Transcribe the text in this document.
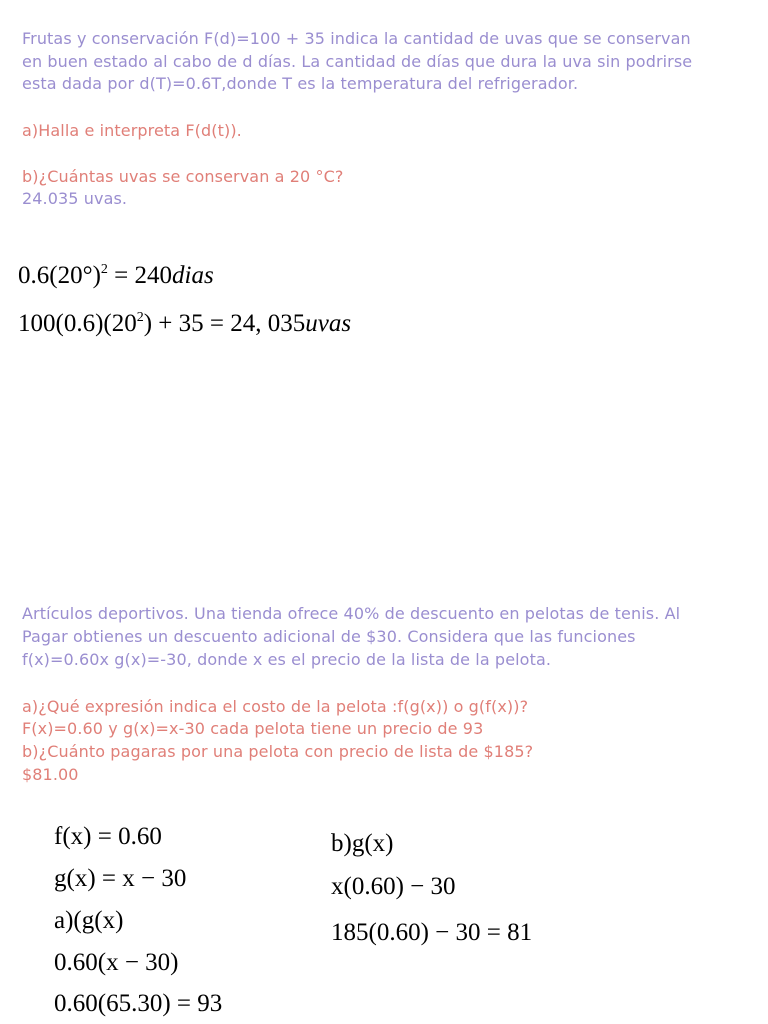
Frutas y conservación F(d)=100 + 35 indica la cantidad de uvas que se conservan
en buen estado al cabo de d días. La cantidad de días que dura la uva sin podrirse
esta dada por d(T)=0.6T,donde T es la temperatura del refrigerador.
a)Halla e interpreta F(d(t)).
b)¿Cuántas uvas se conservan a 20 °C?
24.035 uvas.
$0.6(20^\circ)^2$ = 240dias
$100(0.6)(20^2) + 35 = 24$, 035uvas
Artículos deportivos. Una tienda ofrece 40% de descuento en pelotas de tenis. Al
Pagar obtienes un descuento adicional de $30. Considera que las funciones
f(x)=0.60x g(x)=-30, donde x es el precio de la lista de la pelota.
a)¿Qué expresión indica el costo de la pelota :f(g(x)) o g(f(x))?
F(x)=0.60 y g(x)=x-30 cada pelota tiene un precio de 93
b)¿Cuánto pagaras por una pelota con precio de lista de $185?
$81.00
f(x) = 0.60
g(x) = x − 30
a)(g(x)
0.60(x − 30)
0.60(65.30) = 93
b)g(x)
x(0.60) − 30
185(0.60) − 30 = 81
